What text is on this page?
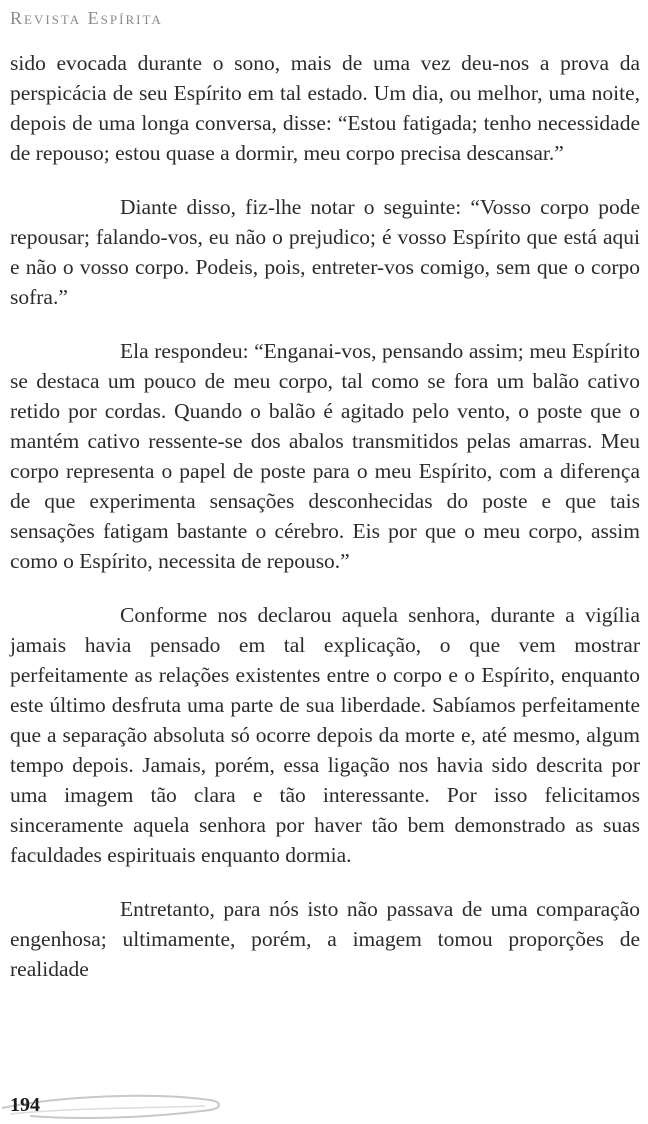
Revista Espírita

sido evocada durante o sono, mais de uma vez deu-nos a prova da perspicácia de seu Espírito em tal estado. Um dia, ou melhor, uma noite, depois de uma longa conversa, disse: “Estou fatigada; tenho necessidade de repouso; estou quase a dormir, meu corpo precisa descansar.”

Diante disso, fiz-lhe notar o seguinte: “Vosso corpo pode repousar; falando-vos, eu não o prejudico; é vosso Espírito que está aqui e não o vosso corpo. Podeis, pois, entreter-vos comigo, sem que o corpo sofra.”

Ela respondeu: “Enganai-vos, pensando assim; meu Espírito se destaca um pouco de meu corpo, tal como se fora um balão cativo retido por cordas. Quando o balão é agitado pelo vento, o poste que o mantém cativo ressente-se dos abalos transmitidos pelas amarras. Meu corpo representa o papel de poste para o meu Espírito, com a diferença de que experimenta sensações desconhecidas do poste e que tais sensações fatigam bastante o cérebro. Eis por que o meu corpo, assim como o Espírito, necessita de repouso.”

Conforme nos declarou aquela senhora, durante a vigília jamais havia pensado em tal explicação, o que vem mostrar perfeitamente as relações existentes entre o corpo e o Espírito, enquanto este último desfruta uma parte de sua liberdade. Sabíamos perfeitamente que a separação absoluta só ocorre depois da morte e, até mesmo, algum tempo depois. Jamais, porém, essa ligação nos havia sido descrita por uma imagem tão clara e tão interessante. Por isso felicitamos sinceramente aquela senhora por haver tão bem demonstrado as suas faculdades espirituais enquanto dormia.

Entretanto, para nós isto não passava de uma comparação engenhosa; ultimamente, porém, a imagem tomou proporções de realidade

194
